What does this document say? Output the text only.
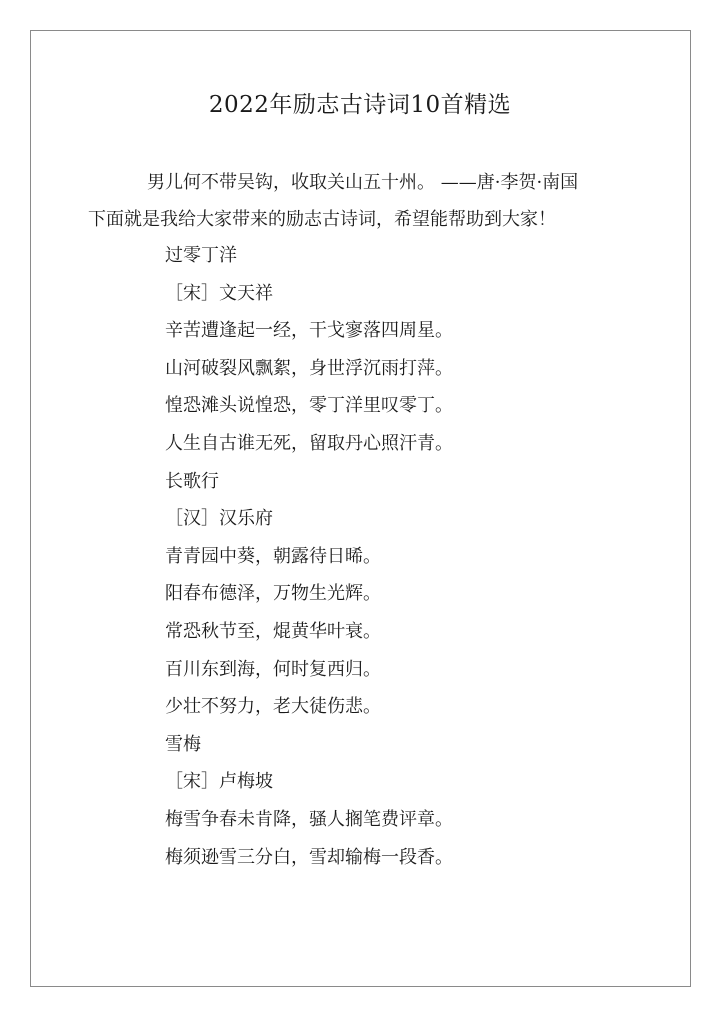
2022年励志古诗词10首精选

男儿何不带吴钩，收取关山五十州。 ——唐·李贺·南国

下面就是我给大家带来的励志古诗词，希望能帮助到大家！

过零丁洋
［宋］文天祥
辛苦遭逢起一经，干戈寥落四周星。
山河破裂风飘絮，身世浮沉雨打萍。
惶恐滩头说惶恐，零丁洋里叹零丁。
人生自古谁无死，留取丹心照汗青。
长歌行
［汉］汉乐府
青青园中葵，朝露待日晞。
阳春布德泽，万物生光辉。
常恐秋节至，焜黄华叶衰。
百川东到海，何时复西归。
少壮不努力，老大徒伤悲。
雪梅
［宋］卢梅坡
梅雪争春未肯降，骚人搁笔费评章。
梅须逊雪三分白，雪却输梅一段香。
